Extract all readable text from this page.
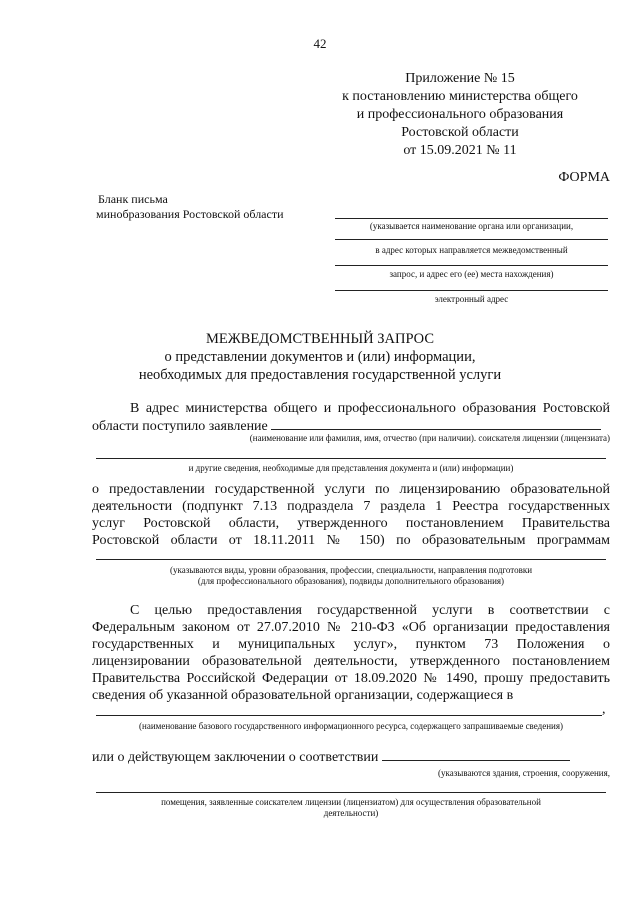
42
Приложение № 15
к постановлению министерства общего
и профессионального образования
Ростовской области
от 15.09.2021 № 11
ФОРМА
Бланк письма
минобразования Ростовской области
(указывается наименование органа или организации,
в адрес которых направляется межведомственный
запрос, и адрес его (ее) места нахождения)
электронный адрес
МЕЖВЕДОМСТВЕННЫЙ ЗАПРОС
о представлении документов и (или) информации,
необходимых для предоставления государственной услуги
В адрес министерства общего и профессионального образования Ростовской
области поступило заявление
(наименование или фамилия, имя, отчество (при наличии). соискателя лицензии (лицензиата)
и другие сведения, необходимые для представления документа и (или) информации)
о предоставлении государственной услуги по лицензированию образовательной
деятельности (подпункт 7.13 подраздела 7 раздела 1 Реестра государственных
услуг Ростовской области, утвержденного постановлением Правительства
Ростовской области от 18.11.2011 № 150) по образовательным программам
(указываются виды, уровни образования, профессии, специальности, направления подготовки
(для профессионального образования), подвиды дополнительного образования)
С целью предоставления государственной услуги в соответствии с
Федеральным законом от 27.07.2010 № 210-ФЗ «Об организации предоставления
государственных и муниципальных услуг», пунктом 73 Положения о
лицензировании образовательной деятельности, утвержденного постановлением
Правительства Российской Федерации от 18.09.2020 № 1490, прошу предоставить
сведения об указанной образовательной организации, содержащиеся в
,
(наименование базового государственного информационного ресурса, содержащего запрашиваемые сведения)
или о действующем заключении о соответствии
(указываются здания, строения, сооружения,
помещения, заявленные соискателем лицензии (лицензиатом) для осуществления образовательной
деятельности)
